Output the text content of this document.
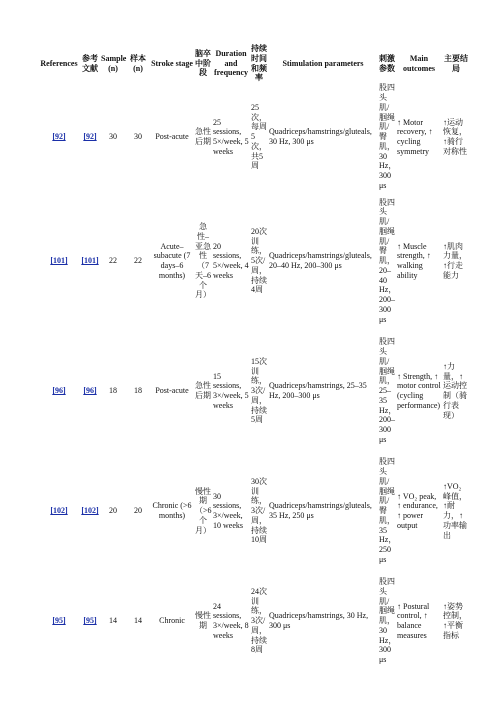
References	参考文献	Sample (n)	样本 (n)	Stroke stage	脑卒中阶段	Duration and frequency	持续时间和频率	Stimulation parameters	刺激参数	Main outcomes	主要结局
[92]	[92]	30	30	Post-acute	急性后期	25 sessions, 5×/week, 5 weeks	25次，每周5次，共5周	Quadriceps/hamstrings/gluteals, 30 Hz, 300 μs	股四头肌/腘绳肌/臀肌，30 Hz，300 μs	↑ Motor recovery, ↑ cycling symmetry	↑运动恢复，↑骑行对称性
[101]	[101]	22	22	Acute–subacute (7 days–6 months)	急性–亚急性（7天–6个月）	20 sessions, 5×/week, 4 weeks	20次训练，5次/周，持续4周	Quadriceps/hamstrings/gluteals, 20–40 Hz, 200–300 μs	股四头肌/腘绳肌/臀肌，20–40 Hz，200–300 μs	↑ Muscle strength, ↑ walking ability	↑肌肉力量，↑行走能力
[96]	[96]	18	18	Post-acute	急性后期	15 sessions, 3×/week, 5 weeks	15次训练，3次/周，持续5周	Quadriceps/hamstrings, 25–35 Hz, 200–300 μs	股四头肌/腘绳肌，25–35 Hz，200–300 μs	↑ Strength, ↑ motor control (cycling performance)	↑力量，↑运动控制（骑行表现）
[102]	[102]	20	20	Chronic (>6 months)	慢性期（>6个月）	30 sessions, 3×/week, 10 weeks	30次训练，3次/周，持续10周	Quadriceps/hamstrings/gluteals, 35 Hz, 250 μs	股四头肌/腘绳肌/臀肌，35 Hz，250 μs	↑ VO₂ peak, ↑ endurance, ↑ power output	↑VO₂峰值，↑耐力，↑功率输出
[95]	[95]	14	14	Chronic	慢性期	24 sessions, 3×/week, 8 weeks	24次训练，3次/周，持续8周	Quadriceps/hamstrings, 30 Hz, 300 μs	股四头肌/腘绳肌，30 Hz，300 μs	↑ Postural control, ↑ balance measures	↑姿势控制，↑平衡指标
